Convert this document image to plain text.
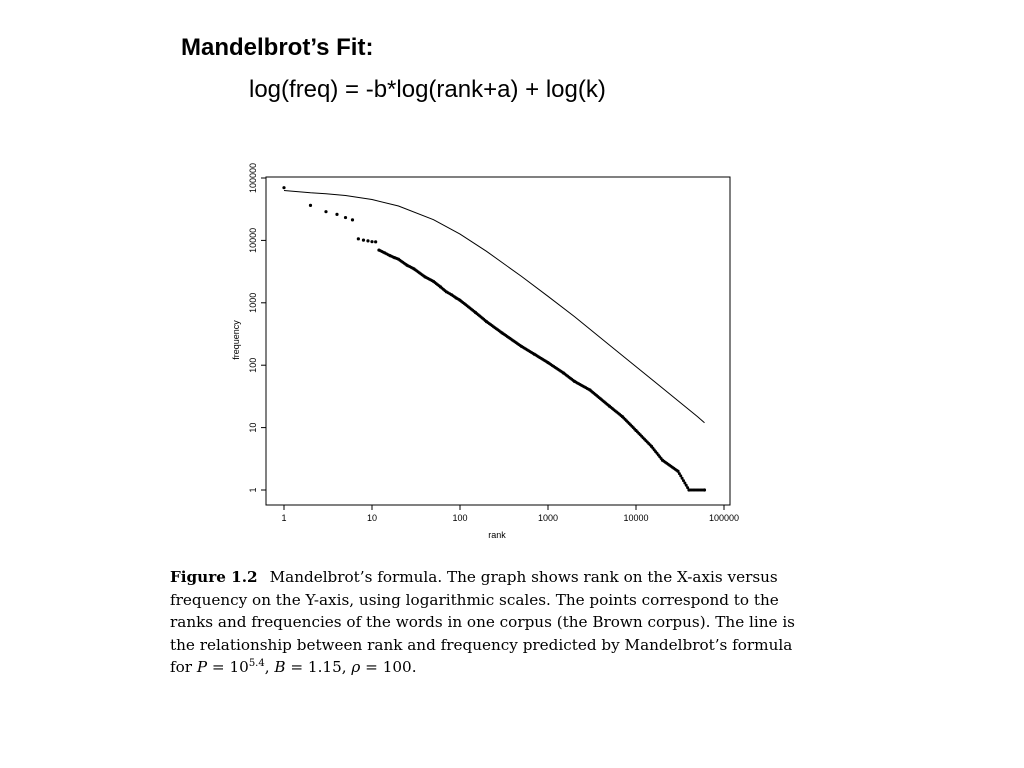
Mandelbrot’s Fit:
log(freq) = -b*log(rank+a) + log(k)
1	10	100	1000	10000	100000
1
10
100
1000
10000
100000
rank
frequency

Figure 1.2 Mandelbrot’s formula. The graph shows rank on the X-axis versus frequency on the Y-axis, using logarithmic scales. The points correspond to the ranks and frequencies of the words in one corpus (the Brown corpus). The line is the relationship between rank and frequency predicted by Mandelbrot’s formula for $P = 10^{5.4}$, B = 1.15, ρ = 100.
